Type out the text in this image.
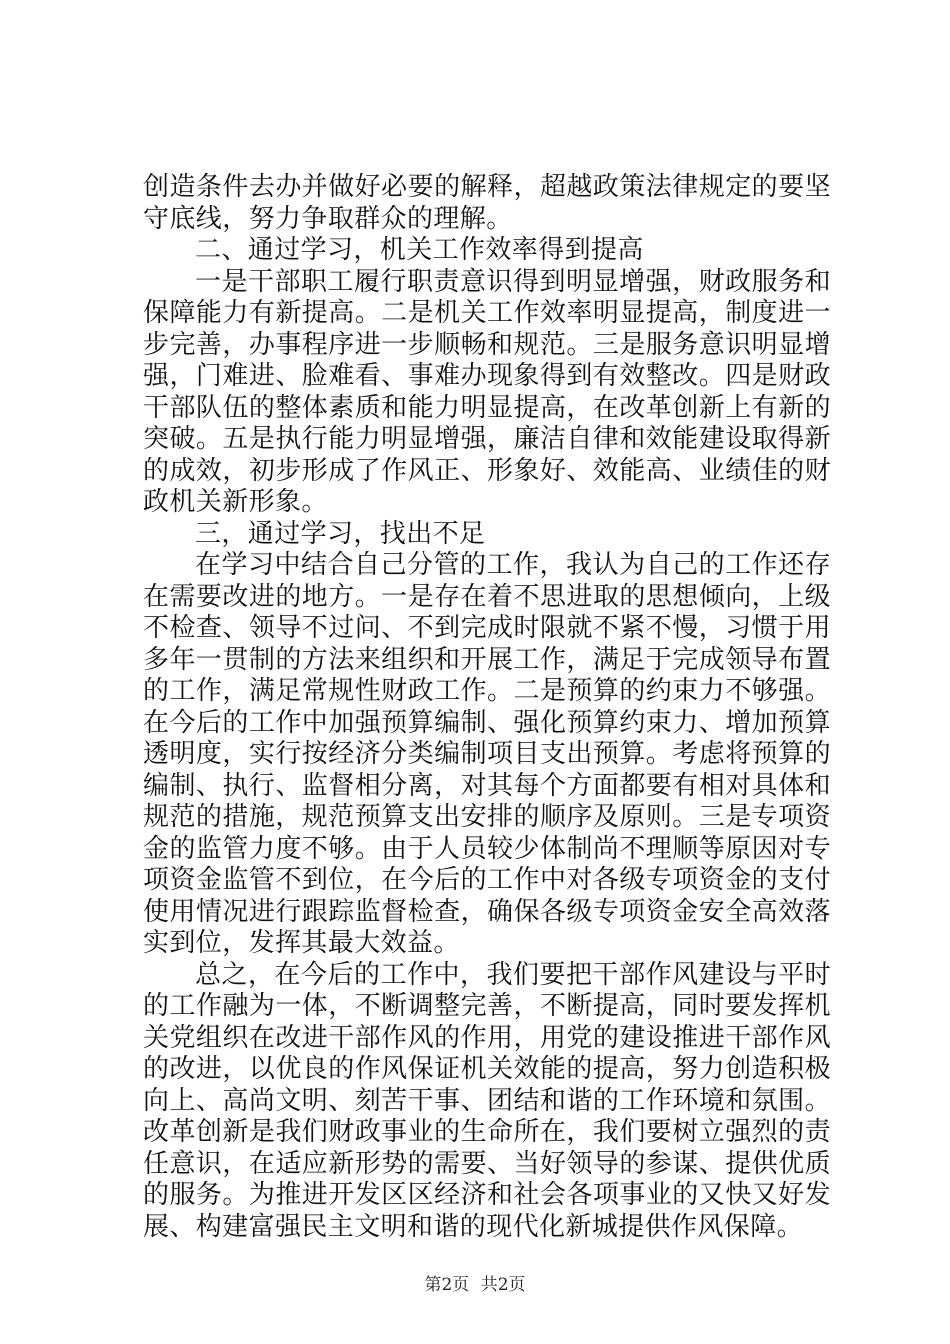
创造条件去办并做好必要的解释，超越政策法律规定的要坚守底线，努力争取群众的理解。

二、通过学习，机关工作效率得到提高

一是干部职工履行职责意识得到明显增强，财政服务和保障能力有新提高。二是机关工作效率明显提高，制度进一步完善，办事程序进一步顺畅和规范。三是服务意识明显增强，门难进、脸难看、事难办现象得到有效整改。四是财政干部队伍的整体素质和能力明显提高，在改革创新上有新的突破。五是执行能力明显增强，廉洁自律和效能建设取得新的成效，初步形成了作风正、形象好、效能高、业绩佳的财政机关新形象。

三，通过学习，找出不足

在学习中结合自己分管的工作，我认为自己的工作还存在需要改进的地方。一是存在着不思进取的思想倾向，上级不检查、领导不过问、不到完成时限就不紧不慢，习惯于用多年一贯制的方法来组织和开展工作，满足于完成领导布置的工作，满足常规性财政工作。二是预算的约束力不够强。在今后的工作中加强预算编制、强化预算约束力、增加预算透明度，实行按经济分类编制项目支出预算。考虑将预算的编制、执行、监督相分离，对其每个方面都要有相对具体和规范的措施，规范预算支出安排的顺序及原则。三是专项资金的监管力度不够。由于人员较少体制尚不理顺等原因对专项资金监管不到位，在今后的工作中对各级专项资金的支付使用情况进行跟踪监督检查，确保各级专项资金安全高效落实到位，发挥其最大效益。

总之，在今后的工作中，我们要把干部作风建设与平时的工作融为一体，不断调整完善，不断提高，同时要发挥机关党组织在改进干部作风的作用，用党的建设推进干部作风的改进，以优良的作风保证机关效能的提高，努力创造积极向上、高尚文明、刻苦干事、团结和谐的工作环境和氛围。改革创新是我们财政事业的生命所在，我们要树立强烈的责任意识，在适应新形势的需要、当好领导的参谋、提供优质的服务。为推进开发区区经济和社会各项事业的又快又好发展、构建富强民主文明和谐的现代化新城提供作风保障。

第2页 共2页
